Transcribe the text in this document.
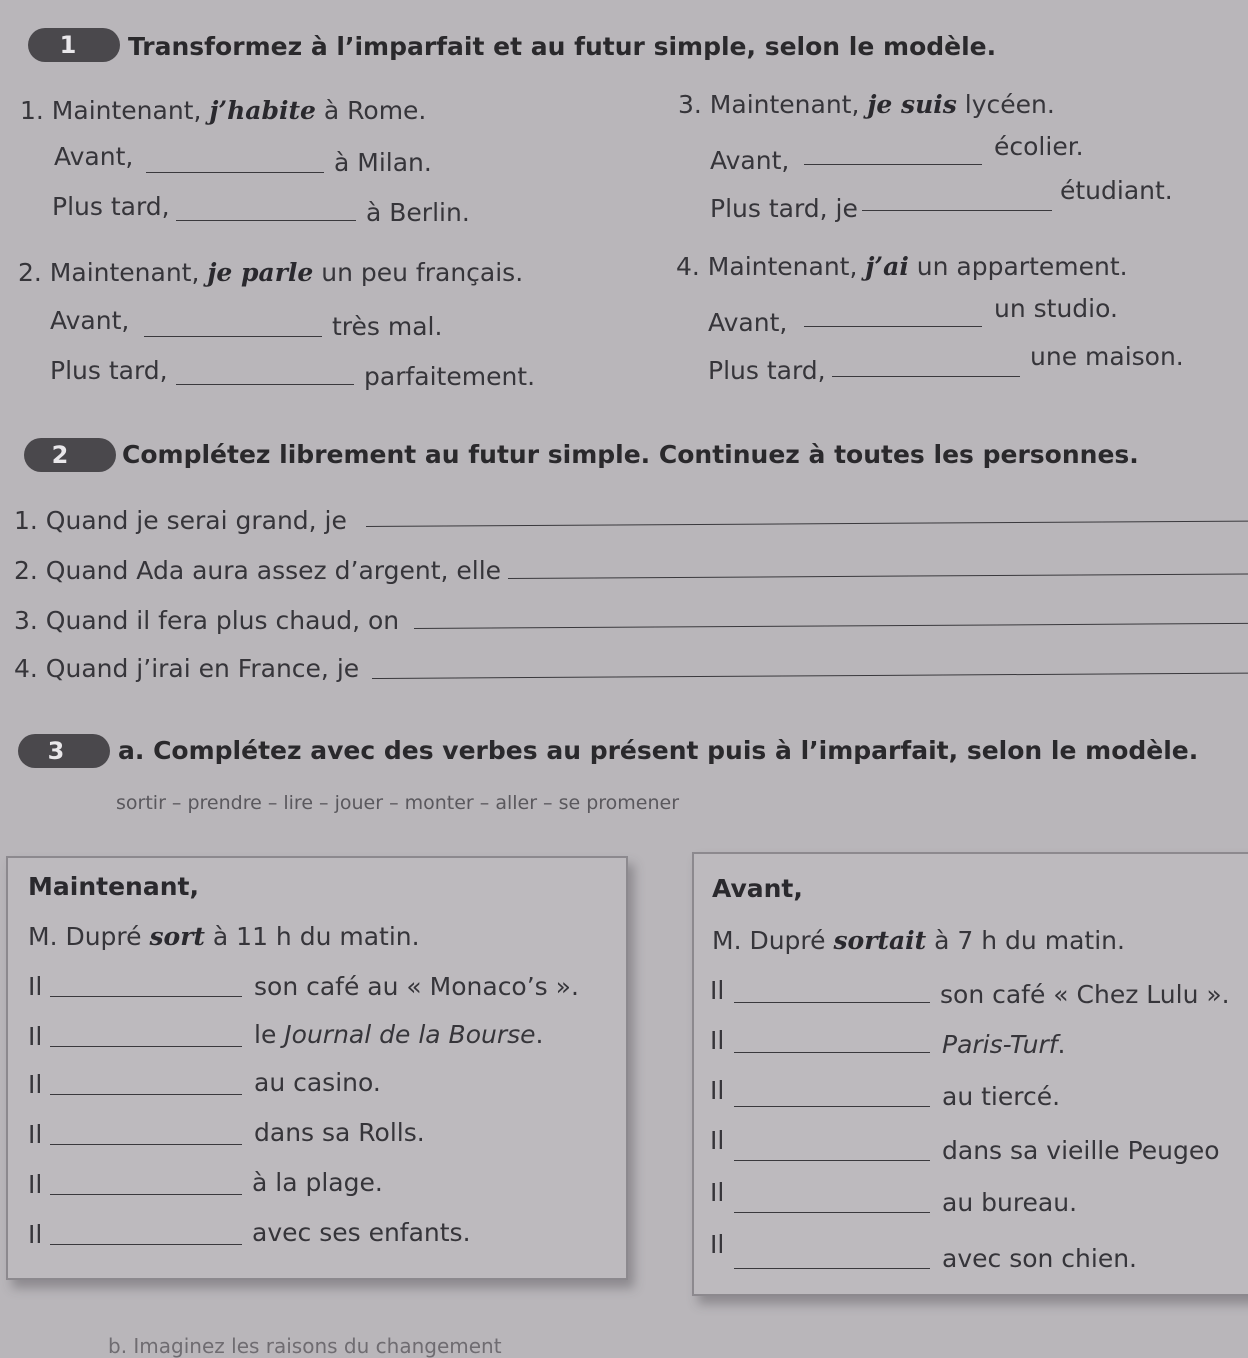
1 Transformez à l’imparfait et au futur simple, selon le modèle.
1. Maintenant, j’habite à Rome.
Avant,	à Milan.
Plus tard,	à Berlin.
3. Maintenant, je suis lycéen.
Avant,	écolier.
Plus tard, je
étudiant.
2. Maintenant, je parle un peu français.
Avant,	très mal.
Plus tard,	parfaitement.
4. Maintenant, j’ai un appartement.
Avant,	un studio.
Plus tard,	une maison.
2 Complétez librement au futur simple. Continuez à toutes les personnes.
1. Quand je serai grand, je
2. Quand Ada aura assez d’argent, elle
3. Quand il fera plus chaud, on
4. Quand j’irai en France, je
3 a. Complétez avec des verbes au présent puis à l’imparfait, selon le modèle.
sortir – prendre – lire – jouer – monter – aller – se promener
Maintenant,
M. Dupré sort à 11 h du matin.
Il	son café au « Monaco’s ».
Il	le Journal de la Bourse.
Il	au casino.
Il	dans sa Rolls.
Il	à la plage.
Il	avec ses enfants.
Avant,
M. Dupré sortait à 7 h du matin.
Il	son café « Chez Lulu ».
Il	Paris-Turf.
Il	au tiercé.
Il	dans sa vieille Peugeo
Il	au bureau.
Il	avec son chien.
b. Imaginez les raisons du changement
